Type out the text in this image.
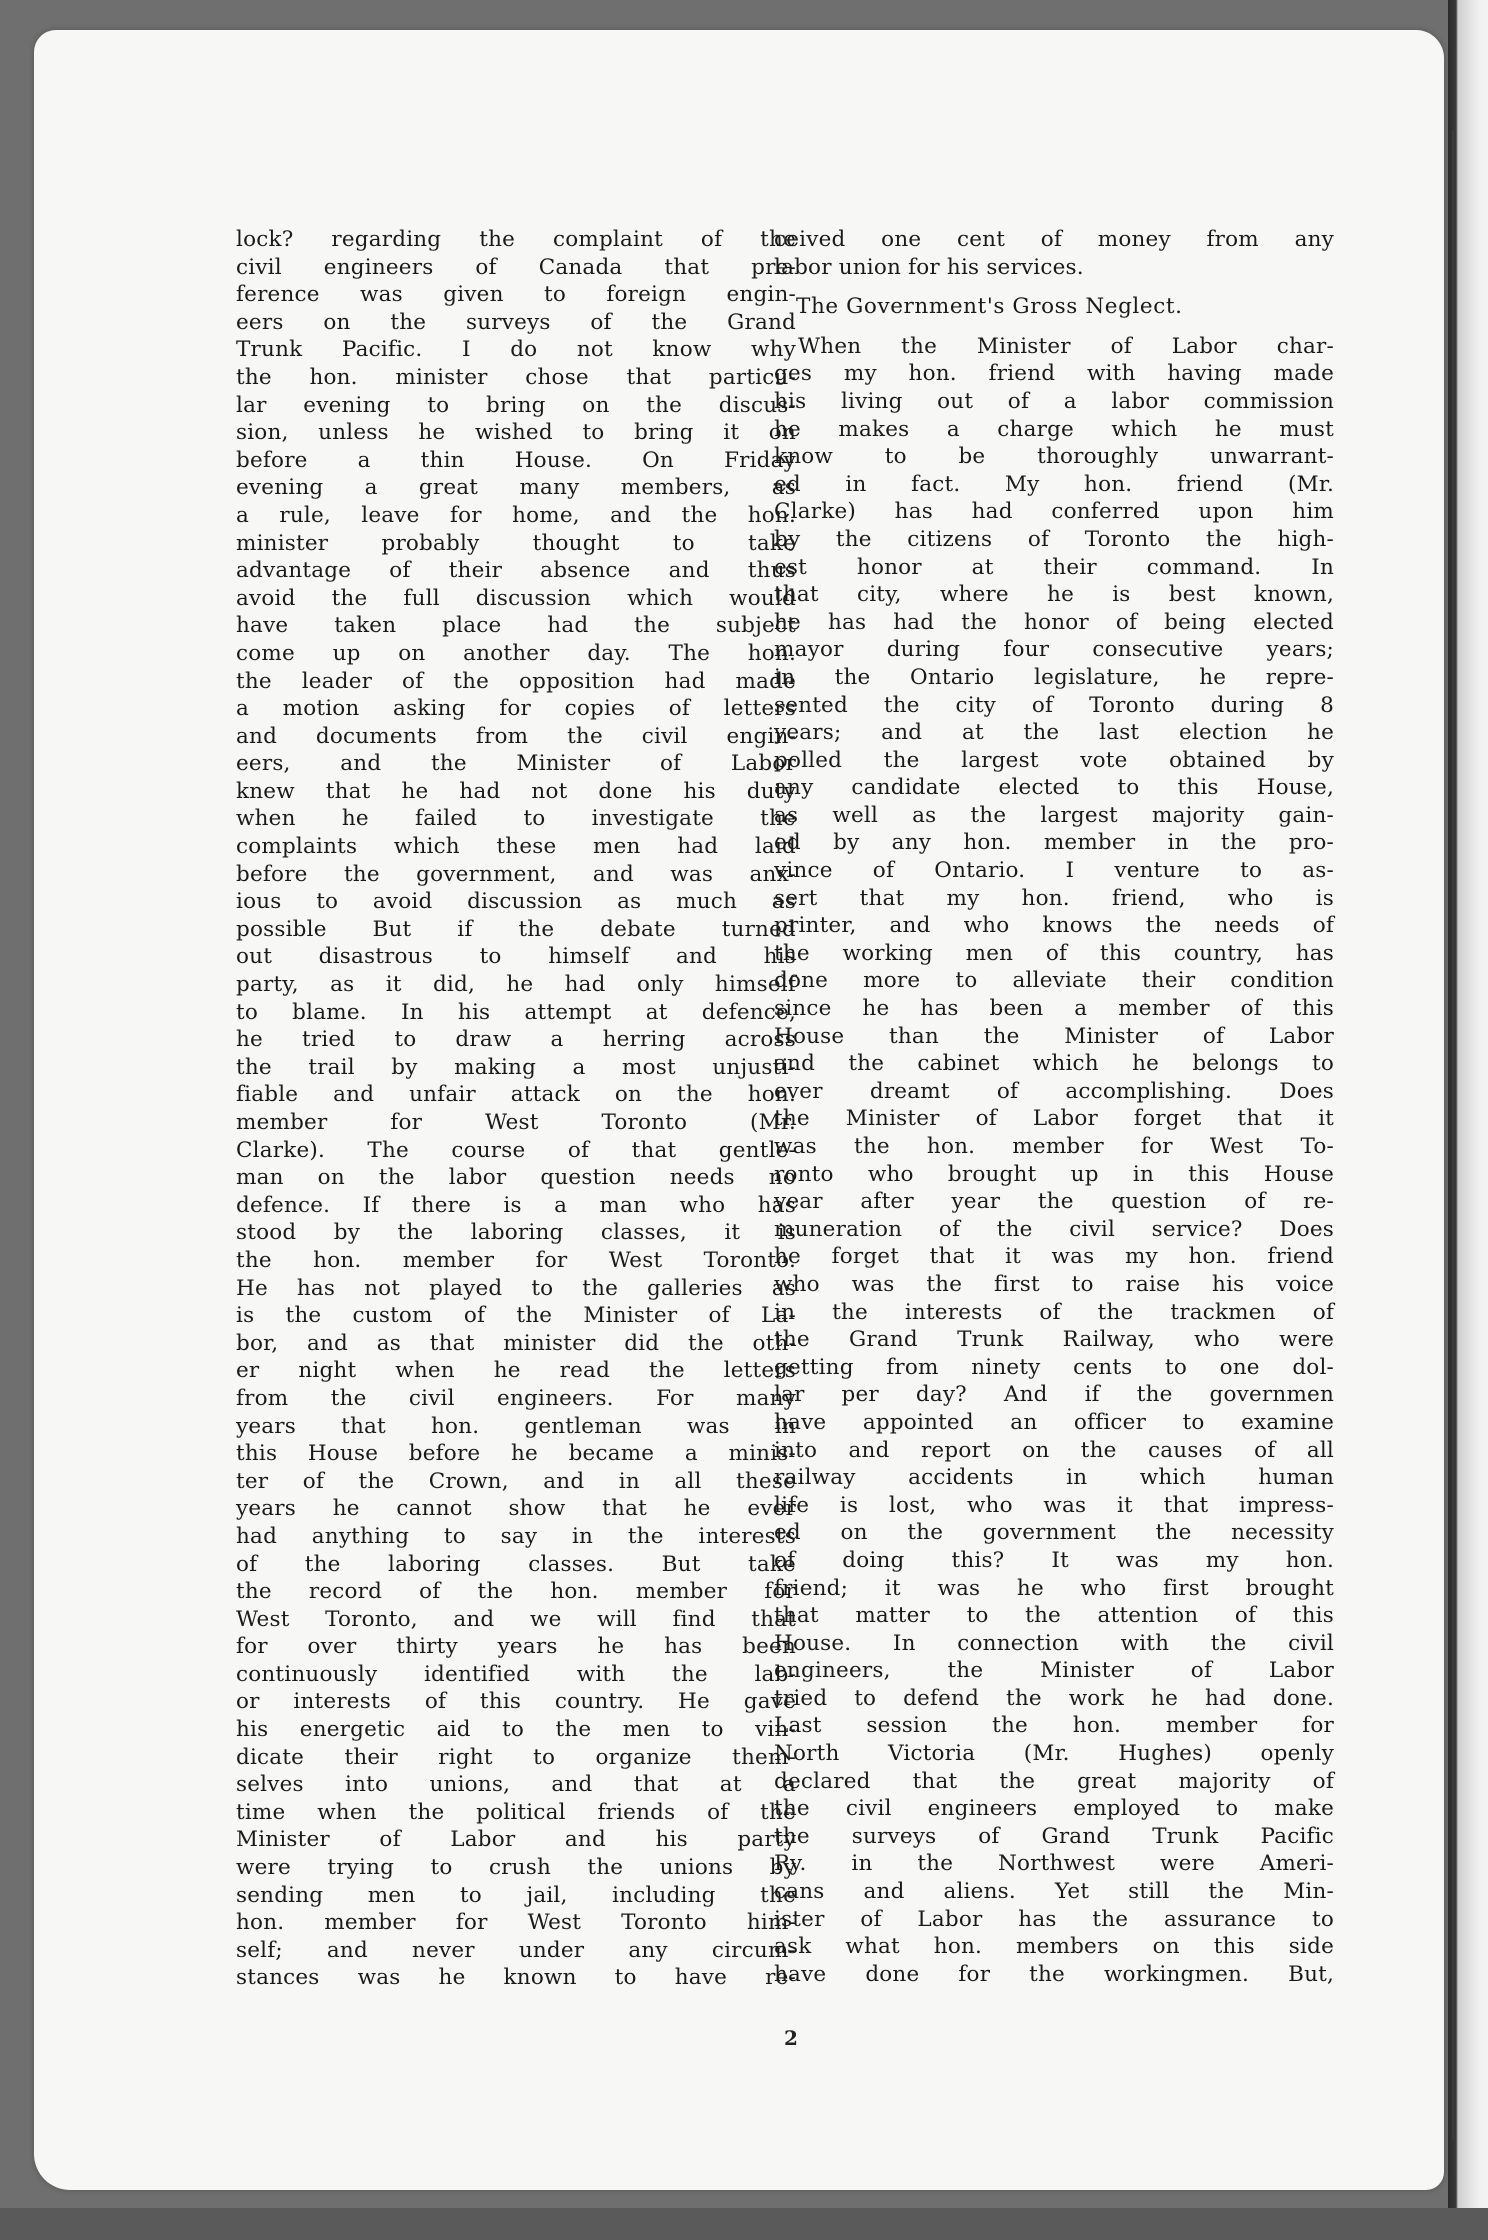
lock? regarding the complaint of the
civil engineers of Canada that pre-
ference was given to foreign engin-
eers on the surveys of the Grand
Trunk Pacific. I do not know why
the hon. minister chose that particu-
lar evening to bring on the discus-
sion, unless he wished to bring it on
before a thin House. On Friday
evening a great many members, as
a rule, leave for home, and the hon.
minister probably thought to take
advantage of their absence and thus
avoid the full discussion which would
have taken place had the subject
come up on another day. The hon.
the leader of the opposition had made
a motion asking for copies of letters
and documents from the civil engin-
eers, and the Minister of Labor
knew that he had not done his duty
when he failed to investigate the
complaints which these men had laid
before the government, and was anx-
ious to avoid discussion as much as
possible But if the debate turned
out disastrous to himself and his
party, as it did, he had only himself
to blame. In his attempt at defence,
he tried to draw a herring across
the trail by making a most unjusti-
fiable and unfair attack on the hon.
member for West Toronto (Mr.
Clarke). The course of that gentle-
man on the labor question needs no
defence. If there is a man who has
stood by the laboring classes, it is
the hon. member for West Toronto.
He has not played to the galleries as
is the custom of the Minister of La-
bor, and as that minister did the oth-
er night when he read the letters
from the civil engineers. For many
years that hon. gentleman was in
this House before he became a minis-
ter of the Crown, and in all these
years he cannot show that he ever
had anything to say in the interests
of the laboring classes. But take
the record of the hon. member for
West Toronto, and we will find that
for over thirty years he has been
continuously identified with the lab-
or interests of this country. He gave
his energetic aid to the men to vin-
dicate their right to organize them-
selves into unions, and that at a
time when the political friends of the
Minister of Labor and his party
were trying to crush the unions by
sending men to jail, including the
hon. member for West Toronto him-
self; and never under any circum-
stances was he known to have re-
ceived one cent of money from any
labor union for his services.
The Government's Gross Neglect.
When the Minister of Labor char-
ges my hon. friend with having made
his living out of a labor commission
he makes a charge which he must
know to be thoroughly unwarrant-
ed in fact. My hon. friend (Mr.
Clarke) has had conferred upon him
by the citizens of Toronto the high-
est honor at their command. In
that city, where he is best known,
he has had the honor of being elected
mayor during four consecutive years;
in the Ontario legislature, he repre-
sented the city of Toronto during 8
years; and at the last election he
polled the largest vote obtained by
any candidate elected to this House,
as well as the largest majority gain-
ed by any hon. member in the pro-
vince of Ontario. I venture to as-
sert that my hon. friend, who is
printer, and who knows the needs of
the working men of this country, has
done more to alleviate their condition
since he has been a member of this
House than the Minister of Labor
and the cabinet which he belongs to
ever dreamt of accomplishing. Does
the Minister of Labor forget that it
was the hon. member for West To-
ronto who brought up in this House
year after year the question of re-
muneration of the civil service? Does
he forget that it was my hon. friend
who was the first to raise his voice
in the interests of the trackmen of
the Grand Trunk Railway, who were
getting from ninety cents to one dol-
lar per day? And if the governmen
have appointed an officer to examine
into and report on the causes of all
railway accidents in which human
life is lost, who was it that impress-
ed on the government the necessity
of doing this? It was my hon.
friend; it was he who first brought
that matter to the attention of this
House. In connection with the civil
engineers, the Minister of Labor
tried to defend the work he had done.
Last session the hon. member for
North Victoria (Mr. Hughes) openly
declared that the great majority of
the civil engineers employed to make
the surveys of Grand Trunk Pacific
Ry. in the Northwest were Ameri-
cans and aliens. Yet still the Min-
ister of Labor has the assurance to
ask what hon. members on this side
have done for the workingmen. But,
2
